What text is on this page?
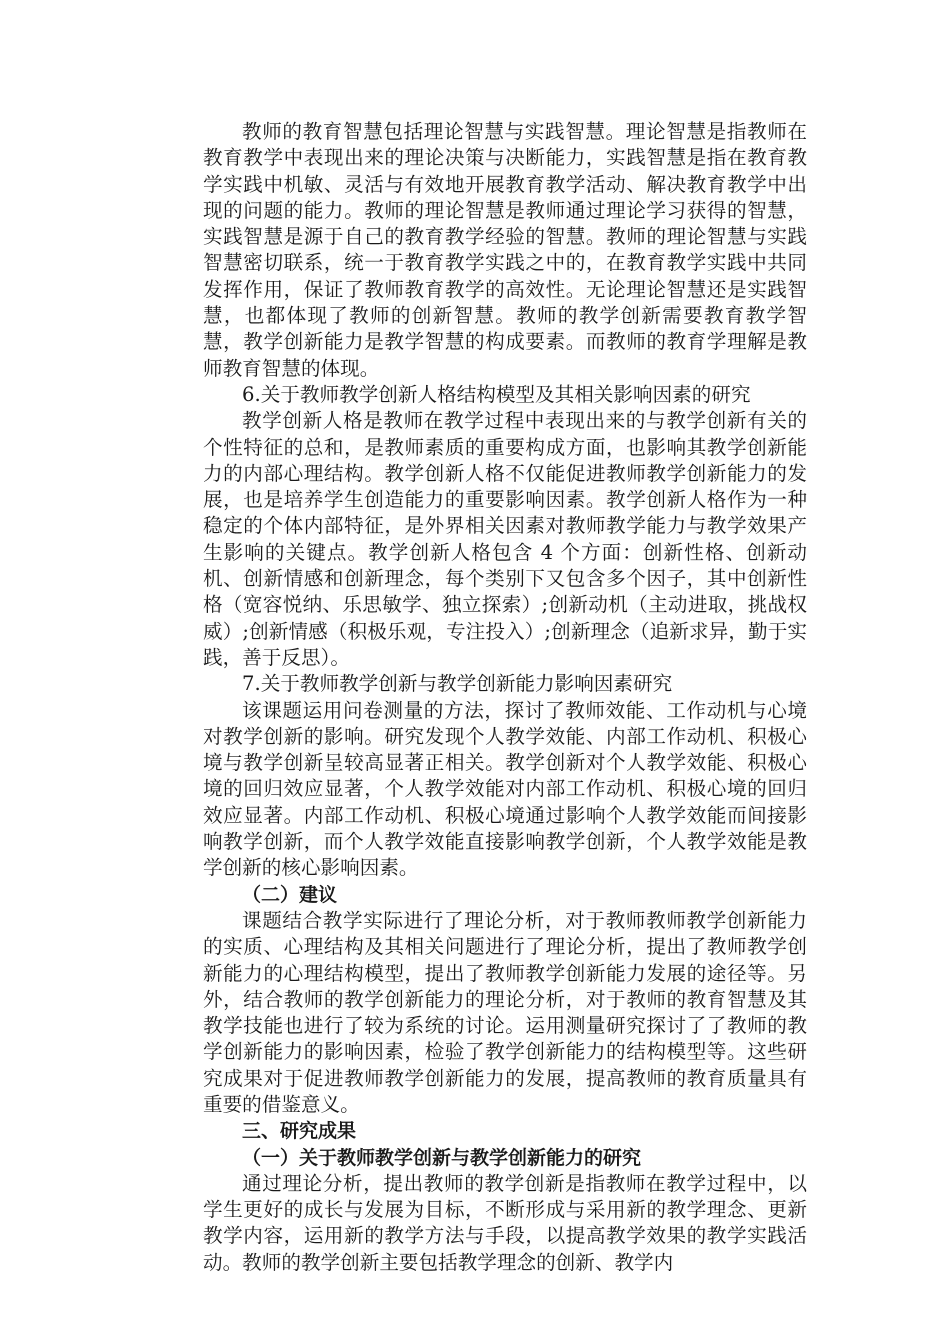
教师的教育智慧包括理论智慧与实践智慧。理论智慧是指教师在教育教学中表现出来的理论决策与决断能力，实践智慧是指在教育教学实践中机敏、灵活与有效地开展教育教学活动、解决教育教学中出现的问题的能力。教师的理论智慧是教师通过理论学习获得的智慧，实践智慧是源于自己的教育教学经验的智慧。教师的理论智慧与实践智慧密切联系，统一于教育教学实践之中的，在教育教学实践中共同发挥作用，保证了教师教育教学的高效性。无论理论智慧还是实践智慧，也都体现了教师的创新智慧。教师的教学创新需要教育教学智慧，教学创新能力是教学智慧的构成要素。而教师的教育学理解是教师教育智慧的体现。

6.关于教师教学创新人格结构模型及其相关影响因素的研究

教学创新人格是教师在教学过程中表现出来的与教学创新有关的个性特征的总和，是教师素质的重要构成方面，也影响其教学创新能力的内部心理结构。教学创新人格不仅能促进教师教学创新能力的发展，也是培养学生创造能力的重要影响因素。教学创新人格作为一种稳定的个体内部特征，是外界相关因素对教师教学能力与教学效果产生影响的关键点。教学创新人格包含 4 个方面：创新性格、创新动机、创新情感和创新理念，每个类别下又包含多个因子，其中创新性格（宽容悦纳、乐思敏学、独立探索）;创新动机（主动进取，挑战权威）;创新情感（积极乐观，专注投入）;创新理念（追新求异，勤于实践，善于反思）。

7.关于教师教学创新与教学创新能力影响因素研究

该课题运用问卷测量的方法，探讨了教师效能、工作动机与心境对教学创新的影响。研究发现个人教学效能、内部工作动机、积极心境与教学创新呈较高显著正相关。教学创新对个人教学效能、积极心境的回归效应显著，个人教学效能对内部工作动机、积极心境的回归效应显著。内部工作动机、积极心境通过影响个人教学效能而间接影响教学创新，而个人教学效能直接影响教学创新，个人教学效能是教学创新的核心影响因素。

（二）建议

课题结合教学实际进行了理论分析，对于教师教师教学创新能力的实质、心理结构及其相关问题进行了理论分析，提出了教师教学创新能力的心理结构模型，提出了教师教学创新能力发展的途径等。另外，结合教师的教学创新能力的理论分析，对于教师的教育智慧及其教学技能也进行了较为系统的讨论。运用测量研究探讨了了教师的教学创新能力的影响因素，检验了教学创新能力的结构模型等。这些研究成果对于促进教师教学创新能力的发展，提高教师的教育质量具有重要的借鉴意义。

三、研究成果

（一）关于教师教学创新与教学创新能力的研究

通过理论分析，提出教师的教学创新是指教师在教学过程中，以学生更好的成长与发展为目标，不断形成与采用新的教学理念、更新教学内容，运用新的教学方法与手段，以提高教学效果的教学实践活动。教师的教学创新主要包括教学理念的创新、教学内
